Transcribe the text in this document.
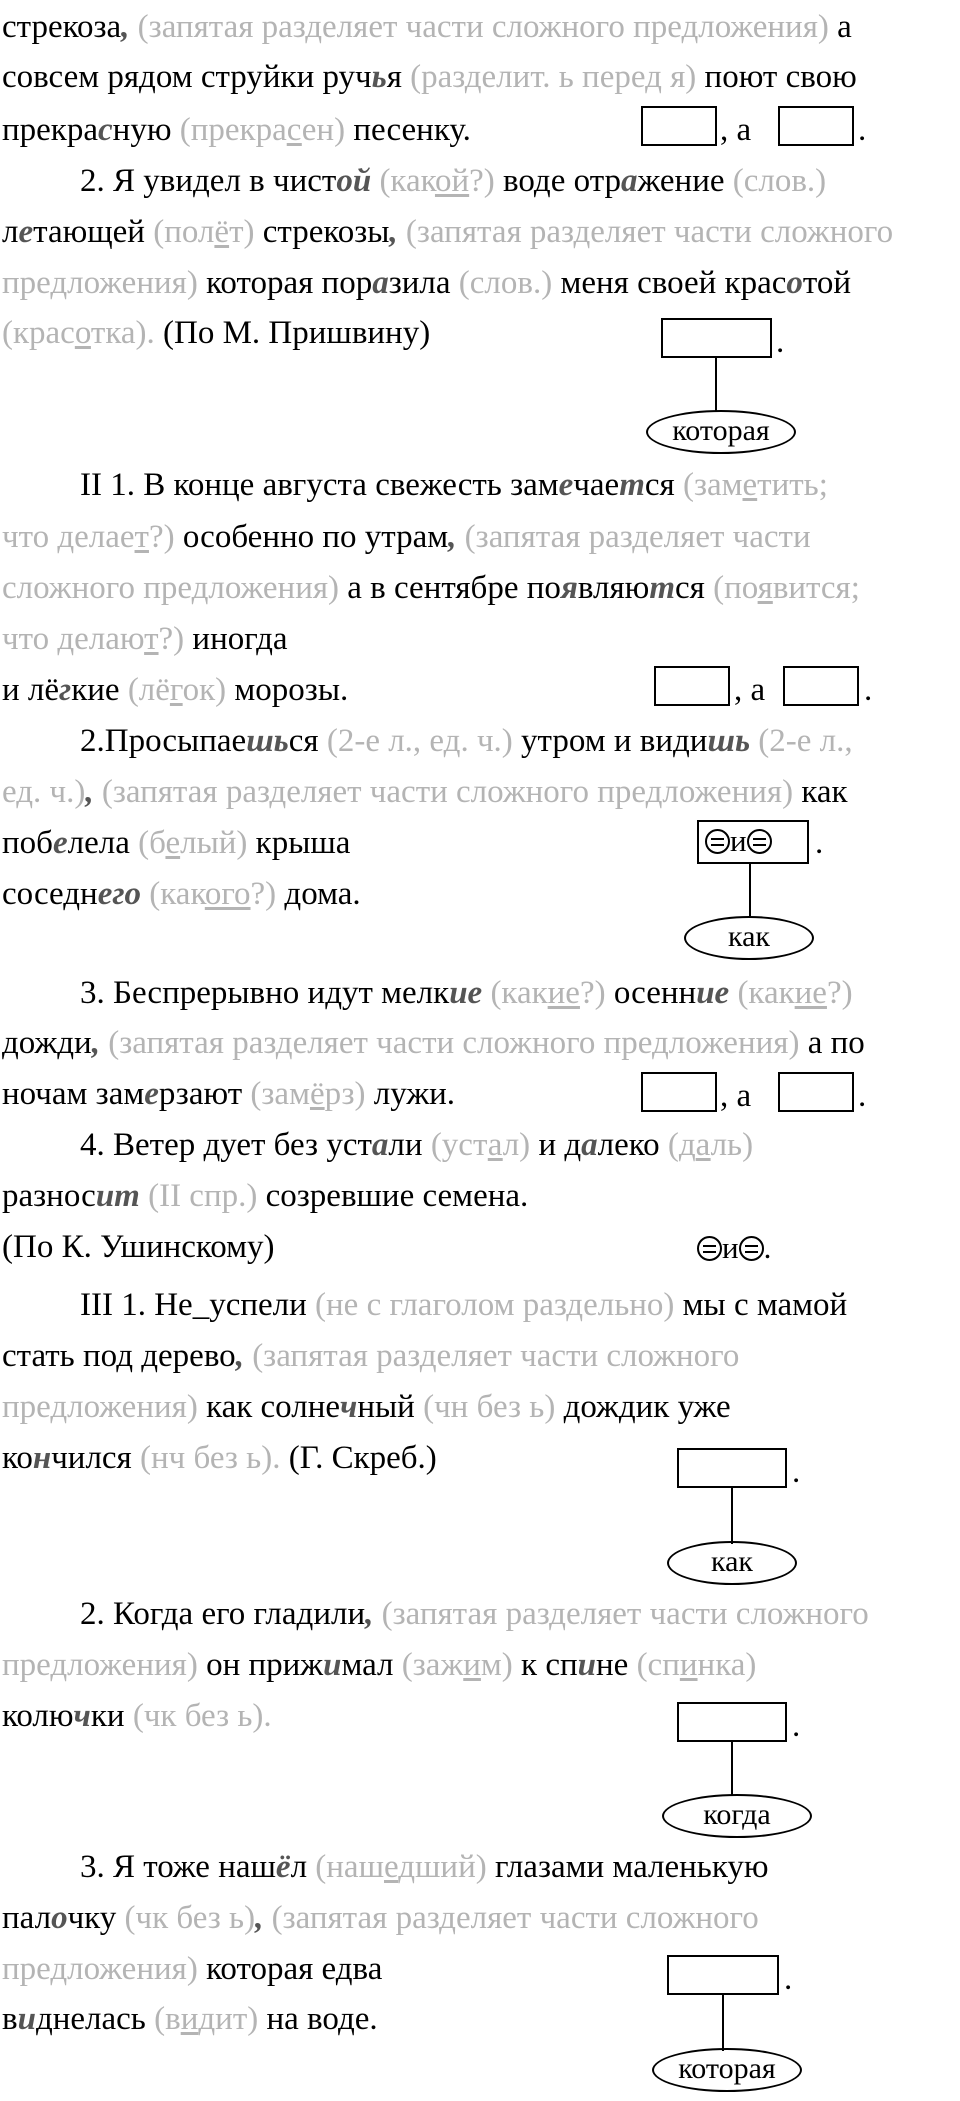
стрекоза, (запятая разделяет части сложного предложения) а
совсем рядом струйки ручья (разделит. ь перед я) поют свою
прекрасную (прекрасен) песенку.	, а	.
2. Я увидел в чистой (какой?) воде отражение (слов.)
летающей (полёт) стрекозы, (запятая разделяет части сложного
предложения) которая поразила (слов.) меня своей красотой
(красотка). (По М. Пришвину)	.
которая
II 1. В конце августа свежесть замечается (заметить;
что делает?) особенно по утрам, (запятая разделяет части
сложного предложения) а в сентябре появляются (появится;
что делают?) иногда
и лёгкие (лёгок) морозы.	, а	.
2.Просыпаешься (2-е л., ед. ч.) утром и видишь (2-е л.,
ед. ч.), (запятая разделяет части сложного предложения) как
побелела (белый) крыша
соседнего (какого?) дома.
и	.
как
3. Беспрерывно идут мелкие (какие?) осенние (какие?)
дожди, (запятая разделяет части сложного предложения) а по
ночам замерзают (замёрз) лужи.	, а	.
4. Ветер дует без устали (устал) и далеко (даль)
разносит (II спр.) созревшие семена.
(По К. Ушинскому)	и .
III 1. Не_успели (не с глаголом раздельно) мы с мамой
стать под дерево, (запятая разделяет части сложного
предложения) как солнечный (чн без ь) дождик уже
кончился (нч без ь). (Г. Скреб.)	.
как
2. Когда его гладили, (запятая разделяет части сложного
предложения) он прижимал (зажим) к спине (спинка)
колючки (чк без ь).	.
когда
3. Я тоже нашёл (нашедший) глазами маленькую
палочку (чк без ь), (запятая разделяет части сложного
предложения) которая едва
виднелась (видит) на воде.
.
которая
